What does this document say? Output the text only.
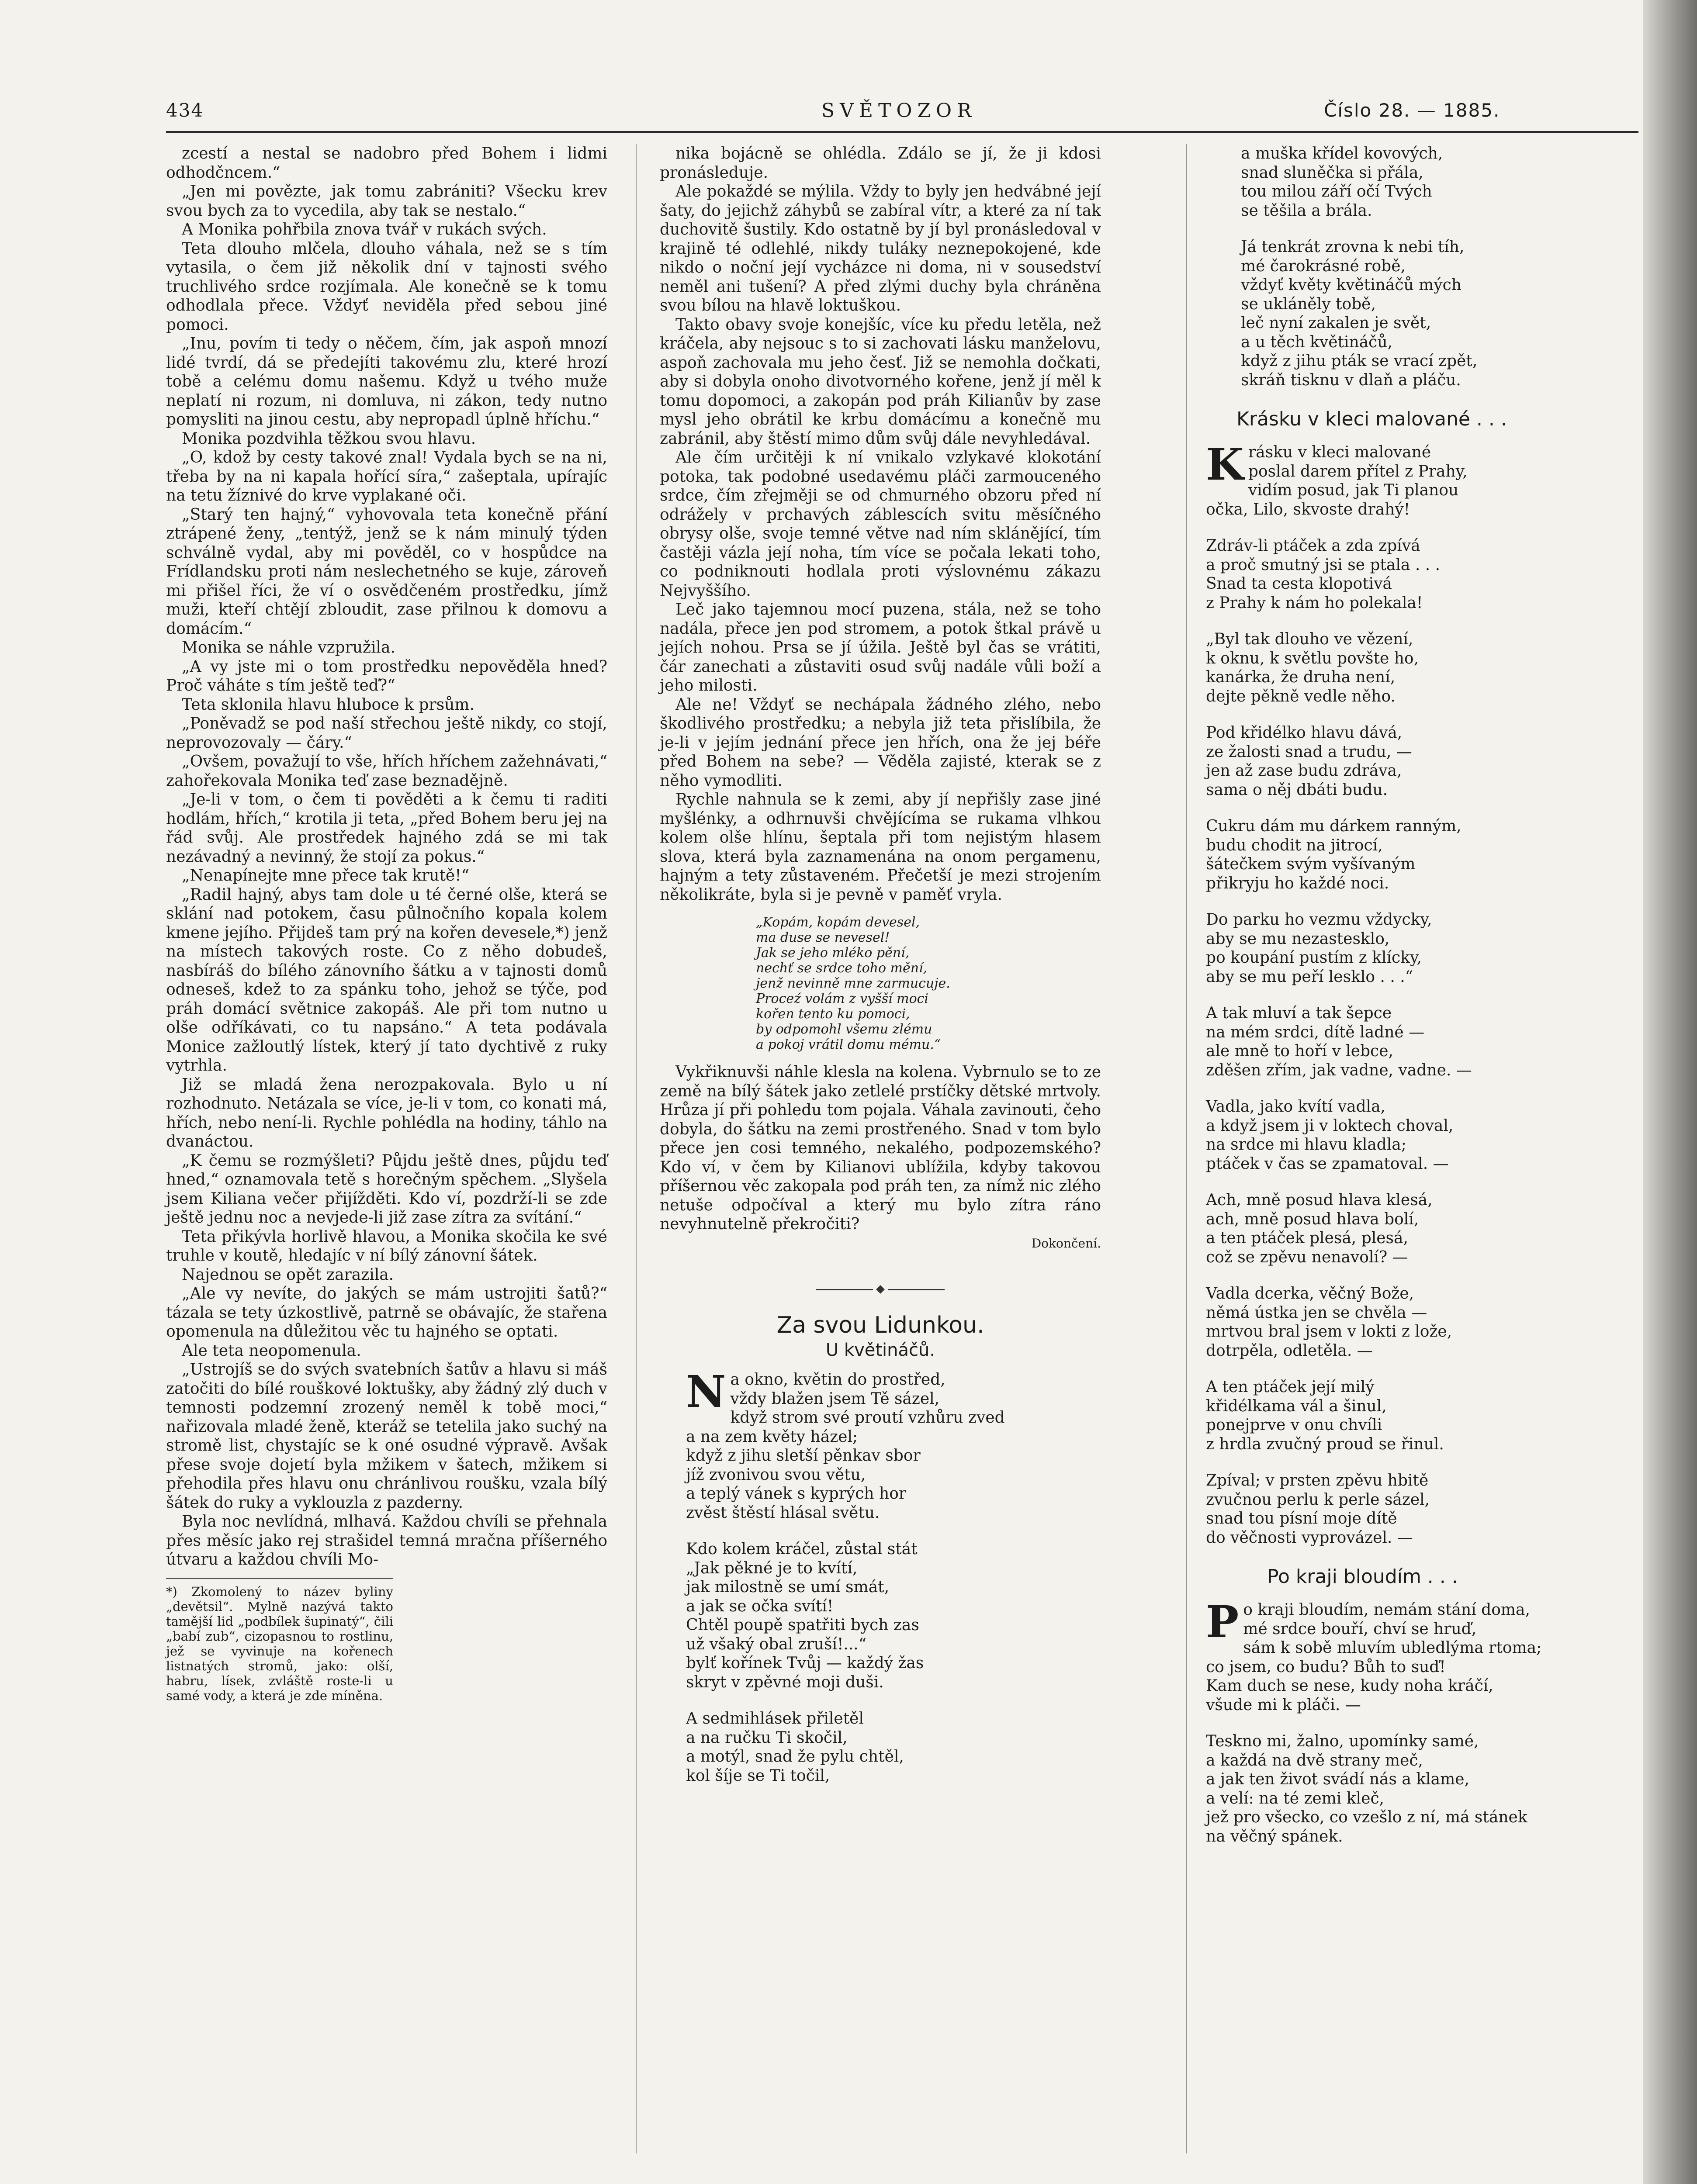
434	SVĚTOZOR	Číslo 28. — 1885.

zcestí a nestal se nadobro před Bohem i lidmi odhodčncem.“

„Jen mi povězte, jak tomu zabrániti? Všecku krev svou bych za to vycedila, aby tak se nestalo.“

A Monika pohřbila znova tvář v rukách svých.

Teta dlouho mlčela, dlouho váhala, než se s tím vytasila, o čem již několik dní v tajnosti svého truchlivého srdce rozjímala. Ale konečně se k tomu odhodlala přece. Vždyť neviděla před sebou jiné pomoci.

„Inu, povím ti tedy o něčem, čím, jak aspoň mnozí lidé tvrdí, dá se předejíti takovému zlu, které hrozí tobě a celému domu našemu. Když u tvého muže neplatí ni rozum, ni domluva, ni zákon, tedy nutno pomysliti na jinou cestu, aby nepropadl úplně hříchu.“

Monika pozdvihla těžkou svou hlavu.

„O, kdož by cesty takové znal! Vydala bych se na ni, třeba by na ni kapala hořící síra,“ zašeptala, upírajíc na tetu žíznivé do krve vyplakané oči.

„Starý ten hajný,“ vyhovovala teta konečně přání ztrápené ženy, „tentýž, jenž se k nám minulý týden schválně vydal, aby mi pověděl, co v hospůdce na Frídlandsku proti nám neslechetného se kuje, zároveň mi přišel říci, že ví o osvědčeném prostředku, jímž muži, kteří chtějí zbloudit, zase přilnou k domovu a domácím.“

Monika se náhle vzpružila.

„A vy jste mi o tom prostředku nepověděla hned? Proč váháte s tím ještě teď?“

Teta sklonila hlavu hluboce k prsům.

„Poněvadž se pod naší střechou ještě nikdy, co stojí, neprovozovaly — čáry.“

„Ovšem, považují to vše, hřích hříchem zažehnávati,“ zahořekovala Monika teď zase beznadějně.

„Je-li v tom, o čem ti pověděti a k čemu ti raditi hodlám, hřích,“ krotila ji teta, „před Bohem beru jej na řád svůj. Ale prostředek hajného zdá se mi tak nezávadný a nevinný, že stojí za pokus.“

„Nenapínejte mne přece tak krutě!“

„Radil hajný, abys tam dole u té černé olše, která se sklání nad potokem, času půlnočního kopala kolem kmene jejího. Přijdeš tam prý na kořen devesele,*) jenž na místech takových roste. Co z něho dobudeš, nasbíráš do bílého zánovního šátku a v tajnosti domů odneseš, kdež to za spánku toho, jehož se týče, pod práh domácí světnice zakopáš. Ale při tom nutno u olše odříkávati, co tu napsáno.“ A teta podávala Monice zažloutlý lístek, který jí tato dychtivě z ruky vytrhla.

Již se mladá žena nerozpakovala. Bylo u ní rozhodnuto. Netázala se více, je-li v tom, co konati má, hřích, nebo není-li. Rychle pohlédla na hodiny, táhlo na dvanáctou.

„K čemu se rozmýšleti? Půjdu ještě dnes, půjdu teď hned,“ oznamovala tetě s horečným spěchem. „Slyšela jsem Kiliana večer přijížděti. Kdo ví, pozdrží-li se zde ještě jednu noc a nevjede-li již zase zítra za svítání.“

Teta přikývla horlivě hlavou, a Monika skočila ke své truhle v koutě, hledajíc v ní bílý zánovní šátek.

Najednou se opět zarazila.

„Ale vy nevíte, do jakých se mám ustrojiti šatů?“ tázala se tety úzkostlivě, patrně se obávajíc, že stařena opomenula na důležitou věc tu hajného se optati.

Ale teta neopomenula.

„Ustrojíš se do svých svatebních šatův a hlavu si máš zatočiti do bílé rouškové loktušky, aby žádný zlý duch v temnosti podzemní zrozený neměl k tobě moci,“ nařizovala mladé ženě, kteráž se tetelila jako suchý na stromě list, chystajíc se k oné osudné výpravě. Avšak přese svoje dojetí byla mžikem v šatech, mžikem si přehodila přes hlavu onu chránlivou roušku, vzala bílý šátek do ruky a vyklouzla z pazderny.

Byla noc nevlídná, mlhavá. Každou chvíli se přehnala přes měsíc jako rej strašidel temná mračna příšerného útvaru a každou chvíli Mo-

*) Zkomolený to název byliny „devětsil“. Mylně nazývá takto tamější lid „podbílek šupinatý“, čili „babí zub“, cizopasnou to rostlinu, jež se vyvinuje na kořenech listnatých stromů, jako: olší, habru, lísek, zvláště roste-li u samé vody, a která je zde míněna.

nika bojácně se ohlédla. Zdálo se jí, že ji kdosi pronásleduje.

Ale pokaždé se mýlila. Vždy to byly jen hedvábné její šaty, do jejichž záhybů se zabíral vítr, a které za ní tak duchovitě šustily. Kdo ostatně by jí byl pronásledoval v krajině té odlehlé, nikdy tuláky neznepokojené, kde nikdo o noční její vycházce ni doma, ni v sousedství neměl ani tušení? A před zlými duchy byla chráněna svou bílou na hlavě loktuškou.

Takto obavy svoje konejšíc, více ku předu letěla, než kráčela, aby nejsouc s to si zachovati lásku manželovu, aspoň zachovala mu jeho česť. Již se nemohla dočkati, aby si dobyla onoho divotvorného kořene, jenž jí měl k tomu dopomoci, a zakopán pod práh Kilianův by zase mysl jeho obrátil ke krbu domácímu a konečně mu zabránil, aby štěstí mimo dům svůj dále nevyhledával.

Ale čím určitěji k ní vnikalo vzlykavé klokotání potoka, tak podobné usedavému pláči zarmouceného srdce, čím zřejměji se od chmurného obzoru před ní odrážely v prchavých záblescích svitu měsíčného obrysy olše, svoje temné větve nad ním sklánějící, tím častěji vázla její noha, tím více se počala lekati toho, co podniknouti hodlala proti výslovnému zákazu Nejvyššího.

Leč jako tajemnou mocí puzena, stála, než se toho nadála, přece jen pod stromem, a potok štkal právě u jejích nohou. Prsa se jí úžila. Ještě byl čas se vrátiti, čár zanechati a zůstaviti osud svůj nadále vůli boží a jeho milosti.

Ale ne! Vždyť se nechápala žádného zlého, nebo škodlivého prostředku; a nebyla již teta přislíbila, že je-li v jejím jednání přece jen hřích, ona že jej béře před Bohem na sebe? — Věděla zajisté, kterak se z něho vymodliti.

Rychle nahnula se k zemi, aby jí nepřišly zase jiné myšlénky, a odhrnuvši chvějícíma se rukama vlhkou kolem olše hlínu, šeptala při tom nejistým hlasem slova, která byla zaznamenána na onom pergamenu, hajným a tety zůstaveném. Přečetší je mezi strojením několikráte, byla si je pevně v paměť vryla.

„Kopám, kopám devesel,
ma duse se nevesel!
Jak se jeho mléko pění,
nechť se srdce toho mění,
jenž nevinně mne zarmucuje.
Proceź volám z vyšší moci
kořen tento ku pomoci,
by odpomohl všemu zlému
a pokoj vrátil domu mému.“

Vykřiknuvši náhle klesla na kolena. Vybrnulo se to ze země na bílý šátek jako zetlelé prstíčky dětské mrtvoly. Hrůza jí při pohledu tom pojala. Váhala zavinouti, čeho dobyla, do šátku na zemi prostřeného. Snad v tom bylo přece jen cosi temného, nekalého, podpozemského? Kdo ví, v čem by Kilianovi ublížila, kdyby takovou příšernou věc zakopala pod práh ten, za nímž nic zlého netuše odpočíval a který mu bylo zítra ráno nevyhnutelně překročiti?

Dokončení.
Za svou Lidunkou.
U květináčů.
N a okno, květin do prostřed,
vždy blažen jsem Tě sázel,
když strom své proutí vzhůru zved
a na zem květy házel;
když z jihu sletší pěnkav sbor
jíž zvonivou svou větu,
a teplý vánek s kyprých hor
zvěst štěstí hlásal světu.
Kdo kolem kráčel, zůstal stát
„Jak pěkné je to kvítí,
jak milostně se umí smát,
a jak se očka svítí!
Chtěl poupě spatřiti bych zas
už všaký obal zruší!...“
bylť kořínek Tvůj — každý žas
skryt v zpěvné moji duši.
A sedmihlásek přiletěl
a na ručku Ti skočil,
a motýl, snad že pylu chtěl,
kol šíje se Ti točil,
a muška křídel kovových,
snad sluněčka si přála,
tou milou září očí Tvých
se těšila a brála.
Já tenkrát zrovna k nebi tíh,
mé čarokrásné robě,
vždyť květy květináčů mých
se ukláněly tobě,
leč nyní zakalen je svět,
a u těch květináčů,
když z jihu pták se vrací zpět,
skráň tisknu v dlaň a pláču.
Krásku v kleci malované . . .
K rásku v kleci malované
poslal darem přítel z Prahy,
vidím posud, jak Ti planou
očka, Lilo, skvoste drahý!
Zdráv-li ptáček a zda zpívá
a proč smutný jsi se ptala . . .
Snad ta cesta klopotivá
z Prahy k nám ho polekala!
„Byl tak dlouho ve vězení,
k oknu, k světlu povšte ho,
kanárka, že druha není,
dejte pěkně vedle něho.
Pod křidélko hlavu dává,
ze žalosti snad a trudu, —
jen až zase budu zdráva,
sama o něj dbáti budu.
Cukru dám mu dárkem ranným,
budu chodit na jitrocí,
šátečkem svým vyšívaným
přikryju ho každé noci.
Do parku ho vezmu vždycky,
aby se mu nezastesklo,
po koupání pustím z klícky,
aby se mu peří lesklo . . .“
A tak mluví a tak šepce
na mém srdci, dítě ladné —
ale mně to hoří v lebce,
zděšen zřím, jak vadne, vadne. —
Vadla, jako kvítí vadla,
a když jsem ji v loktech choval,
na srdce mi hlavu kladla;
ptáček v čas se zpamatoval. —
Ach, mně posud hlava klesá,
ach, mně posud hlava bolí,
a ten ptáček plesá, plesá,
což se zpěvu nenavolí? —
Vadla dcerka, věčný Bože,
němá ústka jen se chvěla —
mrtvou bral jsem v lokti z lože,
dotrpěla, odletěla. —
A ten ptáček její milý
křidélkama vál a šinul,
ponejprve v onu chvíli
z hrdla zvučný proud se řinul.
Zpíval; v prsten zpěvu hbitě
zvučnou perlu k perle sázel,
snad tou písní moje dítě
do věčnosti vyprovázel. —
Po kraji bloudím . . .
P o kraji bloudím, nemám stání doma,
mé srdce bouří, chví se hruď,
sám k sobě mluvím ubledlýma rtoma;
co jsem, co budu? Bůh to suď!
Kam duch se nese, kudy noha kráčí,
všude mi k pláči. —
Teskno mi, žalno, upomínky samé,
a každá na dvě strany meč,
a jak ten život svádí nás a klame,
a velí: na té zemi kleč,
jež pro všecko, co vzešlo z ní, má stánek
na věčný spánek.
